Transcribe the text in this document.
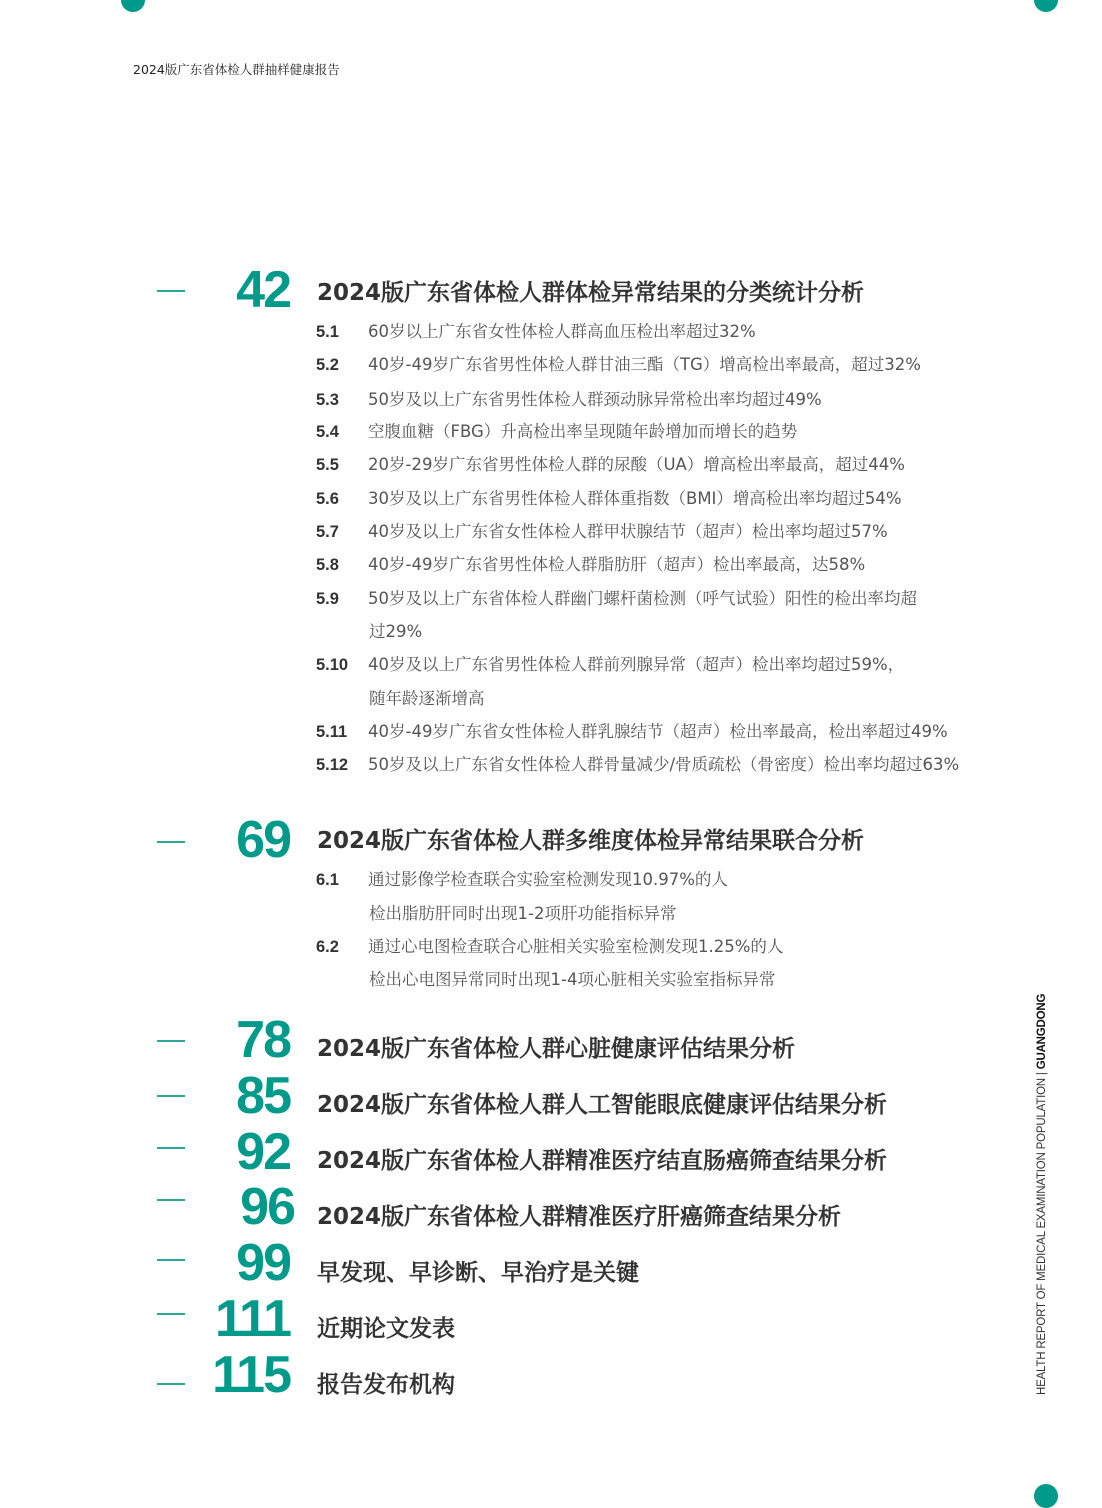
2024版广东省体检人群抽样健康报告
42 2024版广东省体检人群体检异常结果的分类统计分析
5.1 60岁以上广东省女性体检人群高血压检出率超过32%
5.2 40岁-49岁广东省男性体检人群甘油三酯（TG）增高检出率最高，超过32%
5.3 50岁及以上广东省男性体检人群颈动脉异常检出率均超过49%
5.4 空腹血糖（FBG）升高检出率呈现随年龄增加而增长的趋势
5.5 20岁-29岁广东省男性体检人群的尿酸（UA）增高检出率最高，超过44%
5.6 30岁及以上广东省男性体检人群体重指数（BMI）增高检出率均超过54%
5.7 40岁及以上广东省女性体检人群甲状腺结节（超声）检出率均超过57%
5.8 40岁-49岁广东省男性体检人群脂肪肝（超声）检出率最高，达58%
5.9 50岁及以上广东省体检人群幽门螺杆菌检测（呼气试验）阳性的检出率均超
过29%
5.10 40岁及以上广东省男性体检人群前列腺异常（超声）检出率均超过59%，
随年龄逐渐增高
5.11 40岁-49岁广东省女性体检人群乳腺结节（超声）检出率最高，检出率超过49%
5.12 50岁及以上广东省女性体检人群骨量减少/骨质疏松（骨密度）检出率均超过63%
69 2024版广东省体检人群多维度体检异常结果联合分析
6.1 通过影像学检查联合实验室检测发现10.97%的人
检出脂肪肝同时出现1-2项肝功能指标异常
6.2 通过心电图检查联合心脏相关实验室检测发现1.25%的人
检出心电图异常同时出现1-4项心脏相关实验室指标异常
78 2024版广东省体检人群心脏健康评估结果分析
85 2024版广东省体检人群人工智能眼底健康评估结果分析
92 2024版广东省体检人群精准医疗结直肠癌筛查结果分析
96 2024版广东省体检人群精准医疗肝癌筛查结果分析
99 早发现、早诊断、早治疗是关键
111 近期论文发表
115 报告发布机构	HEALTH REPORT OF MEDICAL EXAMINATION POPULATION | GUANGDONG
